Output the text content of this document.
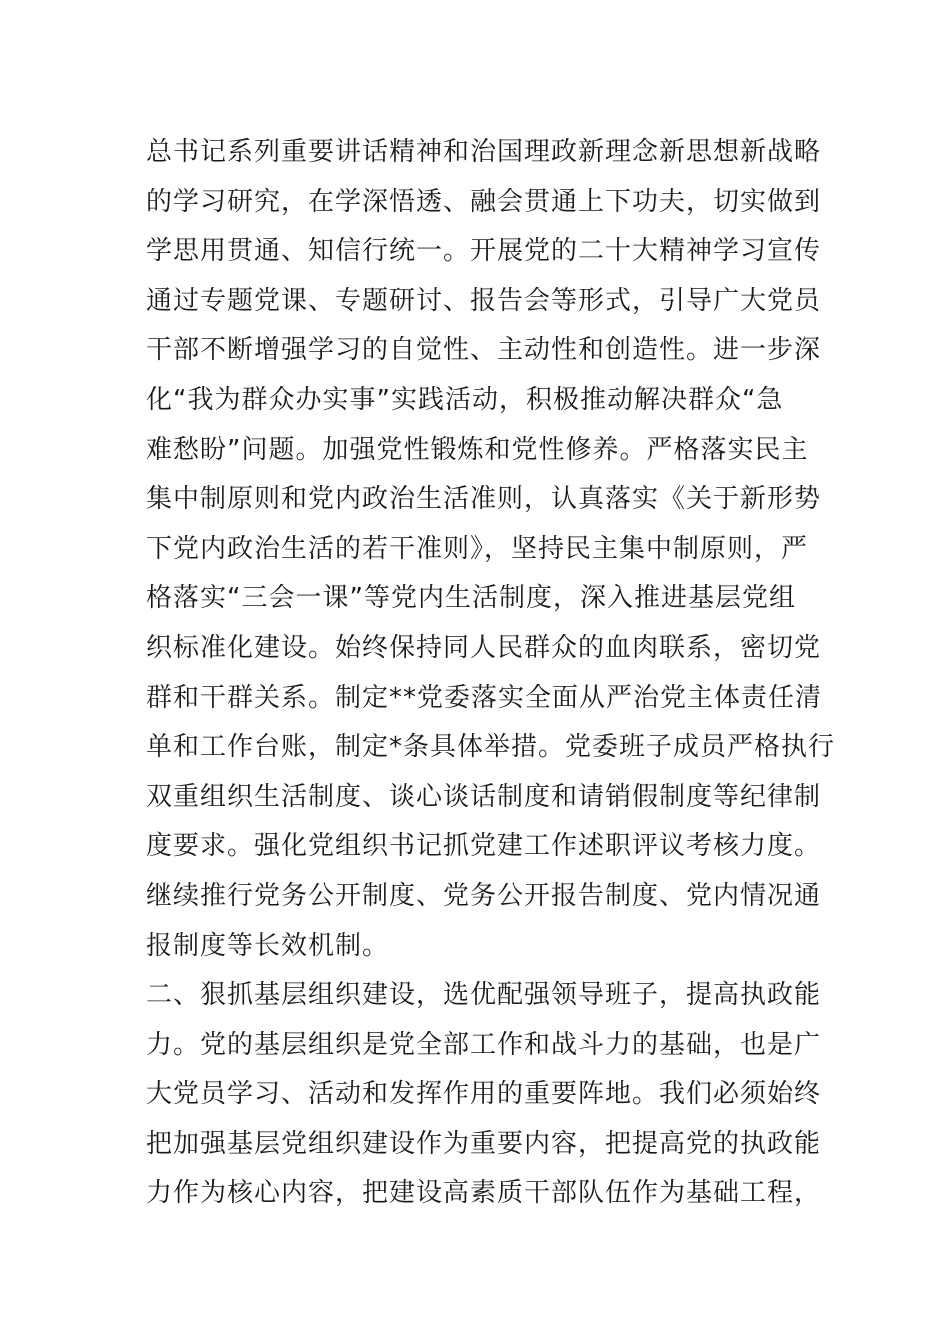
总书记系列重要讲话精神和治国理政新理念新思想新战略
的学习研究，在学深悟透、融会贯通上下功夫，切实做到
学思用贯通、知信行统一。开展党的二十大精神学习宣传
通过专题党课、专题研讨、报告会等形式，引导广大党员
干部不断增强学习的自觉性、主动性和创造性。进一步深
化“我为群众办实事”实践活动，积极推动解决群众“急
难愁盼”问题。加强党性锻炼和党性修养。严格落实民主
集中制原则和党内政治生活准则，认真落实《关于新形势
下党内政治生活的若干准则》，坚持民主集中制原则，严
格落实“三会一课”等党内生活制度，深入推进基层党组
织标准化建设。始终保持同人民群众的血肉联系，密切党
群和干群关系。制定**党委落实全面从严治党主体责任清
单和工作台账，制定*条具体举措。党委班子成员严格执行
双重组织生活制度、谈心谈话制度和请销假制度等纪律制
度要求。强化党组织书记抓党建工作述职评议考核力度。
继续推行党务公开制度、党务公开报告制度、党内情况通
报制度等长效机制。
二、狠抓基层组织建设，选优配强领导班子，提高执政能
力。党的基层组织是党全部工作和战斗力的基础，也是广
大党员学习、活动和发挥作用的重要阵地。我们必须始终
把加强基层党组织建设作为重要内容，把提高党的执政能
力作为核心内容，把建设高素质干部队伍作为基础工程，
